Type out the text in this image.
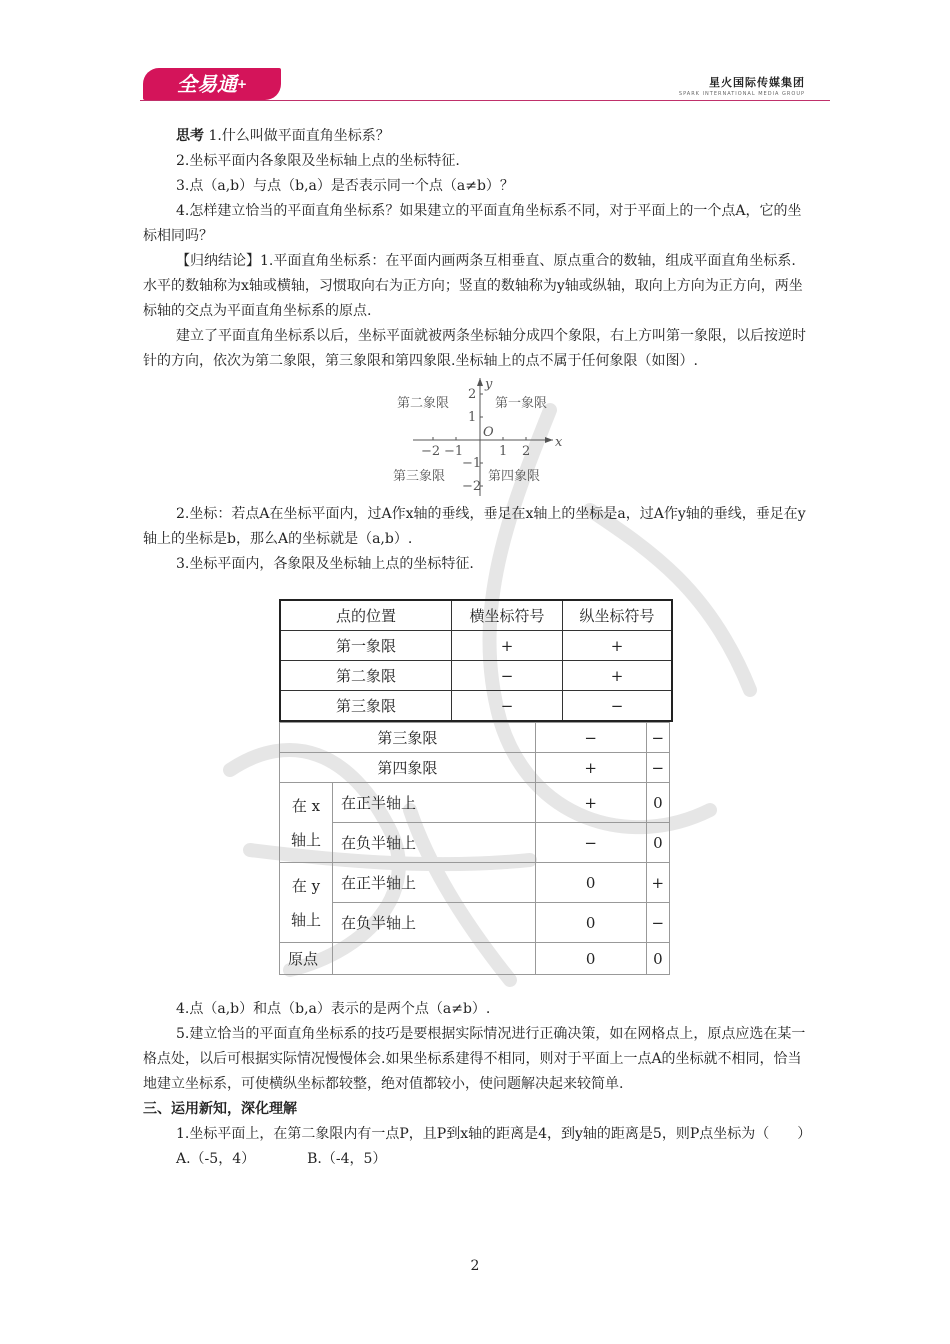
全易通+	星火国际传媒集团
SPARK INTERNATIONAL MEDIA GROUP

思考 1.什么叫做平面直角坐标系？

2.坐标平面内各象限及坐标轴上点的坐标特征.

3.点（a,b）与点（b,a）是否表示同一个点（a≠b）？

4.怎样建立恰当的平面直角坐标系？如果建立的平面直角坐标系不同，对于平面上的一个点A，它的坐标相同吗？

【归纳结论】1.平面直角坐标系：在平面内画两条互相垂直、原点重合的数轴，组成平面直角坐标系.水平的数轴称为x轴或横轴，习惯取向右为正方向；竖直的数轴称为y轴或纵轴，取向上方向为正方向，两坐标轴的交点为平面直角坐标系的原点.

建立了平面直角坐标系以后，坐标平面就被两条坐标轴分成四个象限，右上方叫第一象限，以后按逆时针的方向，依次为第二象限，第三象限和第四象限.坐标轴上的点不属于任何象限（如图）.

第二象限	第一象限
第三象限	第四象限
x
y
O
−2 −1	1 2
2
1
−1
−2

2.坐标：若点A在坐标平面内，过A作x轴的垂线，垂足在x轴上的坐标是a，过A作y轴的垂线，垂足在y轴上的坐标是b，那么A的坐标就是（a,b）.

3.坐标平面内，各象限及坐标轴上点的坐标特征.

点的位置	横坐标符号	纵坐标符号
第一象限	+	+
第二象限	−	+
第三象限	−	−
第三象限		−	−
第四象限		+	−
在 x
轴上	在正半轴上	+	0
	在负半轴上	−	0
在 y
轴上	在正半轴上	0	+
	在负半轴上	0	−
原点		0	0

4.点（a,b）和点（b,a）表示的是两个点（a≠b）.

5.建立恰当的平面直角坐标系的技巧是要根据实际情况进行正确决策，如在网格点上，原点应选在某一格点处，以后可根据实际情况慢慢体会.如果坐标系建得不相同，则对于平面上一点A的坐标就不相同，恰当地建立坐标系，可使横纵坐标都较整，绝对值都较小，使问题解决起来较简单.

三、运用新知，深化理解

1.坐标平面上，在第二象限内有一点P，且P到x轴的距离是4，到y轴的距离是5，则P点坐标为（　　）

A.（-5，4）	B.（-4，5）

2
